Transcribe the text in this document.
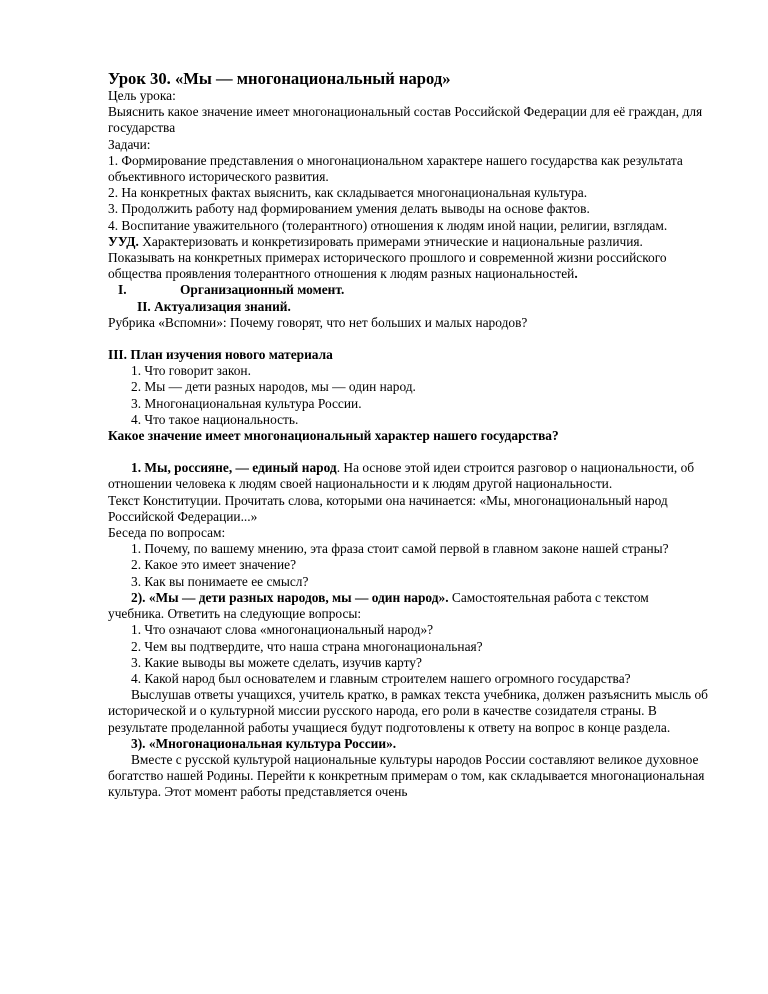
Урок 30. «Мы — многонациональный народ»

Цель урока:

Выяснить какое значение имеет многонациональный состав Российской Федерации для её граждан, для государства

Задачи:

1. Формирование представления о многонациональном характере нашего государства как результата объективного исторического развития.

2. На конкретных фактах выяснить, как складывается многонациональная культура.

3. Продолжить работу над формированием умения делать выводы на основе фактов.

4. Воспитание уважительного (толерантного) отношения к людям иной нации, религии, взглядам.

УУД. Характеризовать и конкретизировать примерами этнические и национальные различия.

Показывать на конкретных примерах исторического прошлого и современной жизни российского общества проявления толерантного отношения к людям разных национальностей.

I.	Организационный момент.

II. Актуализация знаний.

Рубрика «Вспомни»: Почему говорят, что нет больших и малых народов?

III. План изучения нового материала

1. Что говорит закон.

2. Мы — дети разных народов, мы — один народ.

3. Многонациональная культура России.

4. Что такое национальность.

Какое значение имеет многонациональный характер нашего государства?

1. Мы, россияне, — единый народ. На основе этой идеи строится разговор о национальности, об отношении человека к людям своей национальности и к людям другой национальности.

Текст Конституции. Прочитать слова, которыми она начинается: «Мы, многонациональный народ Российской Федерации...»

Беседа по вопросам:

1. Почему, по вашему мнению, эта фраза стоит самой первой в главном законе нашей страны?

2. Какое это имеет значение?

3. Как вы понимаете ее смысл?

2). «Мы — дети разных народов, мы — один народ». Самостоятельная работа с текстом учебника. Ответить на следующие вопросы:

1. Что означают слова «многонациональный народ»?

2. Чем вы подтвердите, что наша страна многонациональная?

3. Какие выводы вы можете сделать, изучив карту?

4. Какой народ был основателем и главным строителем нашего огромного государства?

Выслушав ответы учащихся, учитель кратко, в рамках текста учебника, должен разъяснить мысль об исторической и о культурной миссии русского народа, его роли в качестве созидателя страны. В результате проделанной работы учащиеся будут подготовлены к ответу на вопрос в конце раздела.

3). «Многонациональная культура России».

Вместе с русской культурой национальные культуры народов России составляют великое духовное богатство нашей Родины. Перейти к конкретным примерам о том, как складывается многонациональная культура. Этот момент работы представляется очень
